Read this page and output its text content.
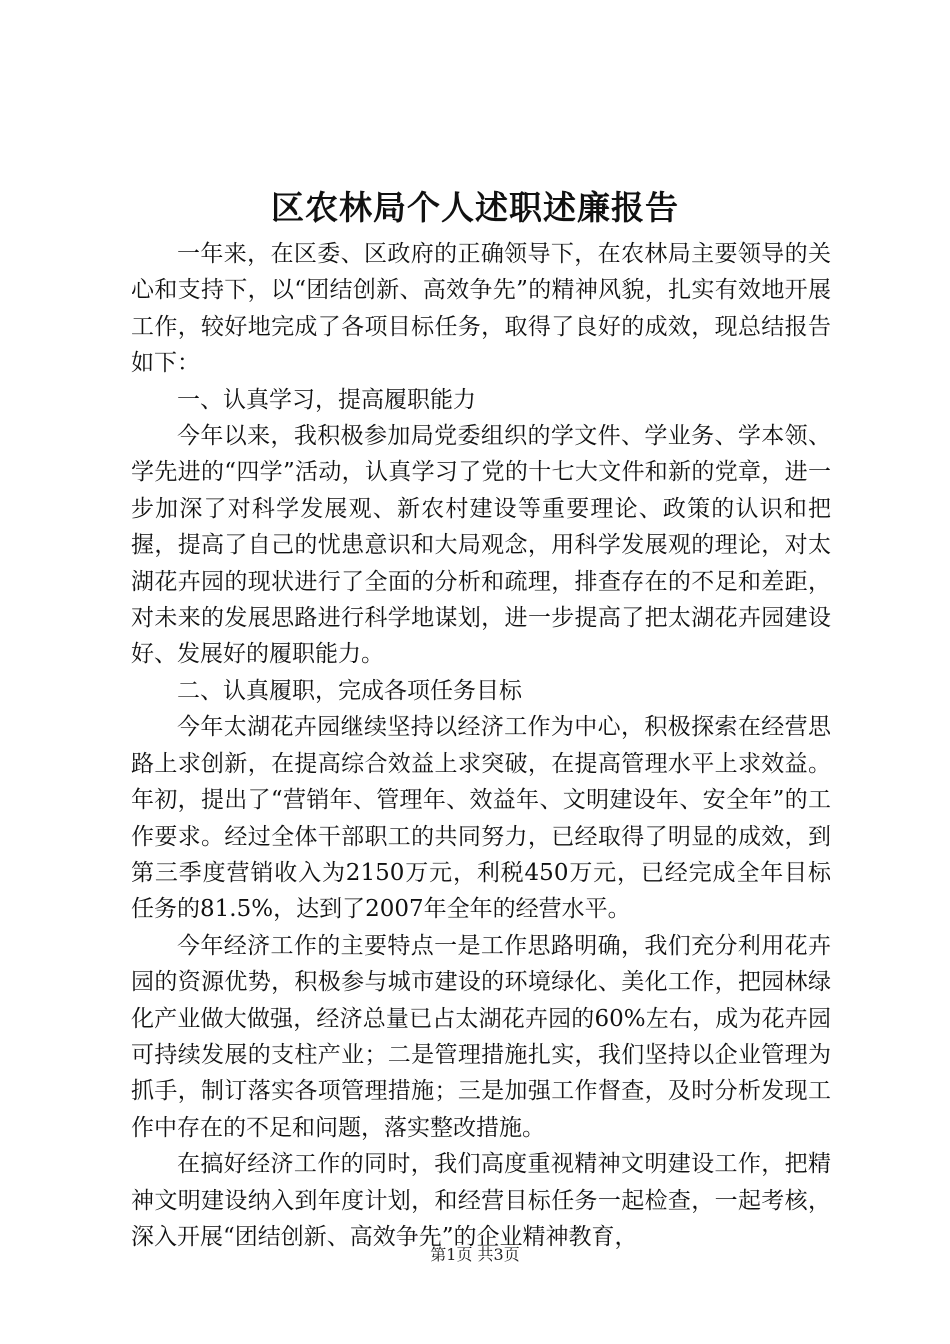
区农林局个人述职述廉报告

一年来，在区委、区政府的正确领导下，在农林局主要领导的关心和支持下，以“团结创新、高效争先”的精神风貌，扎实有效地开展工作，较好地完成了各项目标任务，取得了良好的成效，现总结报告如下：

一、认真学习，提高履职能力

今年以来，我积极参加局党委组织的学文件、学业务、学本领、学先进的“四学”活动，认真学习了党的十七大文件和新的党章，进一步加深了对科学发展观、新农村建设等重要理论、政策的认识和把握，提高了自己的忧患意识和大局观念，用科学发展观的理论，对太湖花卉园的现状进行了全面的分析和疏理，排查存在的不足和差距，对未来的发展思路进行科学地谋划，进一步提高了把太湖花卉园建设好、发展好的履职能力。

二、认真履职，完成各项任务目标

今年太湖花卉园继续坚持以经济工作为中心，积极探索在经营思路上求创新，在提高综合效益上求突破，在提高管理水平上求效益。年初，提出了“营销年、管理年、效益年、文明建设年、安全年”的工作要求。经过全体干部职工的共同努力，已经取得了明显的成效，到第三季度营销收入为2150万元，利税450万元，已经完成全年目标任务的81.5%，达到了2007年全年的经营水平。

今年经济工作的主要特点一是工作思路明确，我们充分利用花卉园的资源优势，积极参与城市建设的环境绿化、美化工作，把园林绿化产业做大做强，经济总量已占太湖花卉园的60%左右，成为花卉园可持续发展的支柱产业；二是管理措施扎实，我们坚持以企业管理为抓手，制订落实各项管理措施；三是加强工作督查，及时分析发现工作中存在的不足和问题，落实整改措施。

在搞好经济工作的同时，我们高度重视精神文明建设工作，把精神文明建设纳入到年度计划，和经营目标任务一起检查，一起考核，深入开展“团结创新、高效争先”的企业精神教育，

第1页 共3页
